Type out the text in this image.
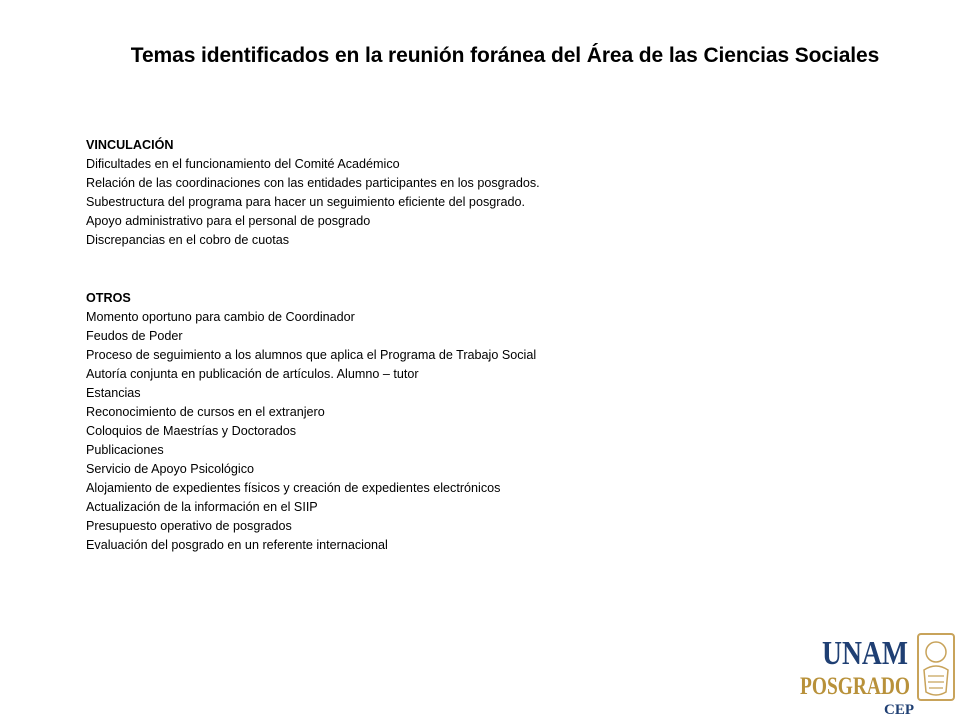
Temas identificados en la reunión foránea del Área de las Ciencias Sociales
VINCULACIÓN
Dificultades en el funcionamiento del Comité Académico
Relación de las coordinaciones con las entidades participantes en los posgrados.
Subestructura del programa para hacer un seguimiento eficiente del posgrado.
Apoyo administrativo para el personal de posgrado
Discrepancias en el cobro de cuotas
OTROS
Momento oportuno para cambio de Coordinador
Feudos de Poder
Proceso de seguimiento a los alumnos que aplica el Programa de Trabajo Social
Autoría conjunta en publicación de artículos. Alumno – tutor
Estancias
Reconocimiento de cursos en el extranjero
Coloquios de Maestrías y Doctorados
Publicaciones
Servicio de Apoyo Psicológico
Alojamiento de expedientes físicos y creación de expedientes electrónicos
Actualización de la información en el SIIP
Presupuesto operativo de posgrados
Evaluación del posgrado en un referente internacional
UNAM
POSGRADO
CEP
